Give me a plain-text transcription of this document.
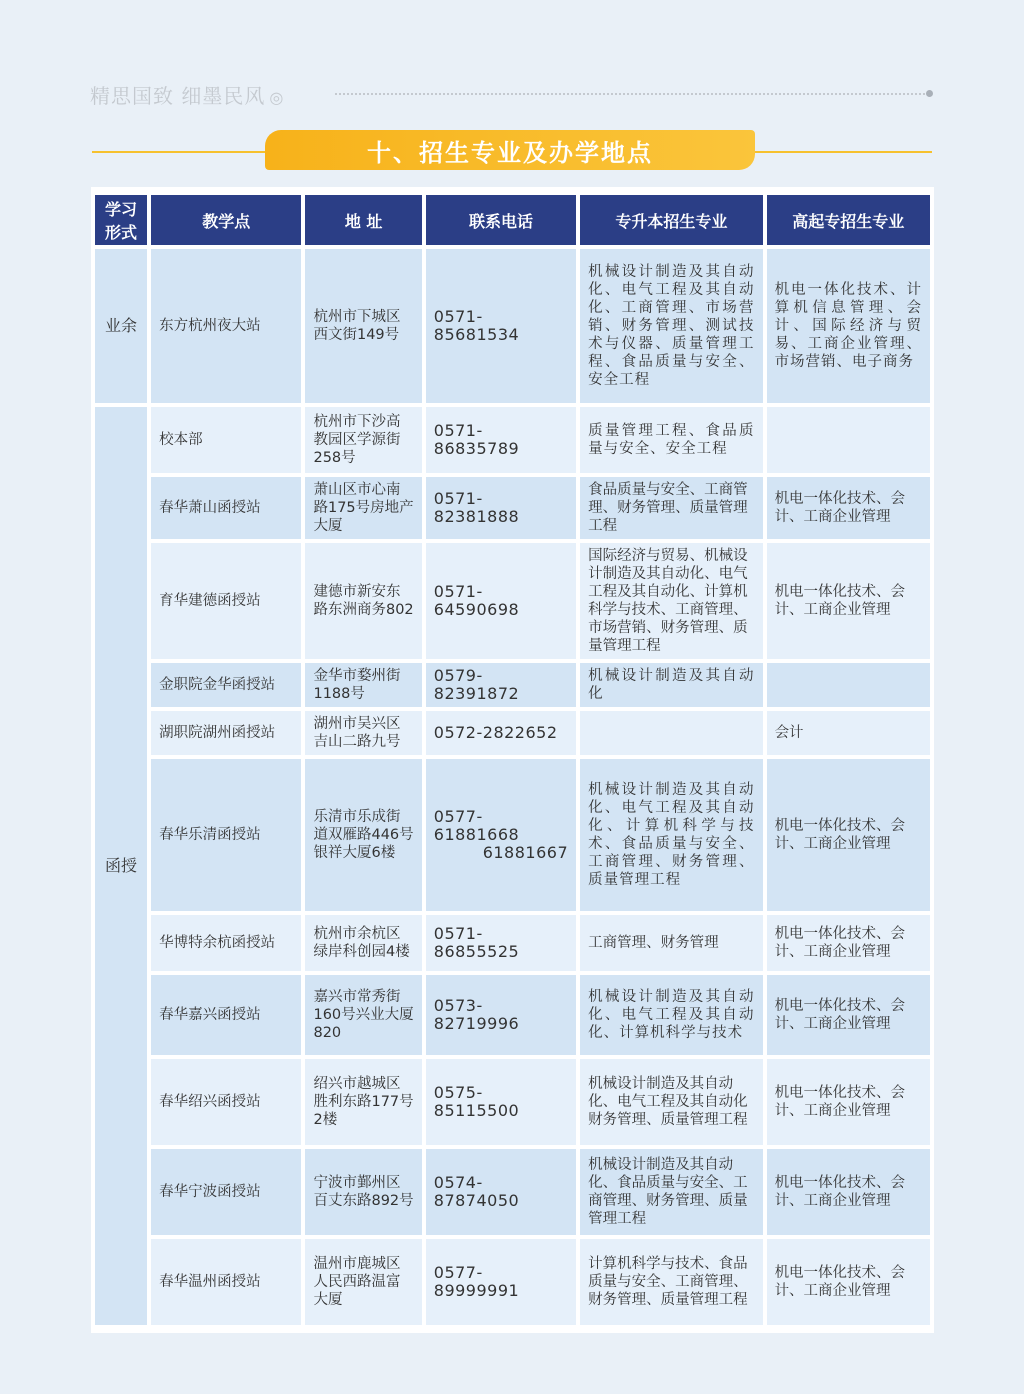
精思国致 细墨民风 ◎
十、招生专业及办学地点
学习
形式	教学点	地 址	联系电话	专升本招生专业	高起专招生专业
业余	东方杭州夜大站	杭州市下城区西文街149号	0571-85681534	机械设计制造及其自动化、电气工程及其自动化、工商管理、市场营销、财务管理、测试技术与仪器、质量管理工程、食品质量与安全、安全工程	机电一体化技术、计算机信息管理、会计、国际经济与贸易、工商企业管理、市场营销、电子商务
函授	校本部	杭州市下沙高教园区学源街258号	0571-86835789	质量管理工程、食品质量与安全、安全工程	
	春华萧山函授站	萧山区市心南路175号房地产大厦	0571-82381888	食品质量与安全、工商管理、财务管理、质量管理工程	机电一体化技术、会计、工商企业管理
	育华建德函授站	建德市新安东路东洲商务802	0571-64590698	国际经济与贸易、机械设计制造及其自动化、电气工程及其自动化、计算机科学与技术、工商管理、市场营销、财务管理、质量管理工程	机电一体化技术、会计、工商企业管理
	金职院金华函授站	金华市婺州街1188号	0579-82391872	机械设计制造及其自动化	
	湖职院湖州函授站	湖州市吴兴区吉山二路九号	0572-2822652		会计
	春华乐清函授站	乐清市乐成街道双雁路446号银祥大厦6楼	0577-61881668
61881667	机械设计制造及其自动化、电气工程及其自动化、计算机科学与技术、食品质量与安全、工商管理、财务管理、质量管理工程	机电一体化技术、会计、工商企业管理
	华博特余杭函授站	杭州市余杭区绿岸科创园4楼	0571-86855525	工商管理、财务管理	机电一体化技术、会计、工商企业管理
	春华嘉兴函授站	嘉兴市常秀街160号兴业大厦820	0573-82719996	机械设计制造及其自动化、电气工程及其自动化、计算机科学与技术	机电一体化技术、会计、工商企业管理
	春华绍兴函授站	绍兴市越城区胜利东路177号2楼	0575-85115500	机械设计制造及其自动化、电气工程及其自动化财务管理、质量管理工程	机电一体化技术、会计、工商企业管理
	春华宁波函授站	宁波市鄞州区百丈东路892号	0574-87874050	机械设计制造及其自动化、食品质量与安全、工商管理、财务管理、质量管理工程	机电一体化技术、会计、工商企业管理
	春华温州函授站	温州市鹿城区人民西路温富大厦	0577-89999991	计算机科学与技术、食品质量与安全、工商管理、财务管理、质量管理工程	机电一体化技术、会计、工商企业管理
